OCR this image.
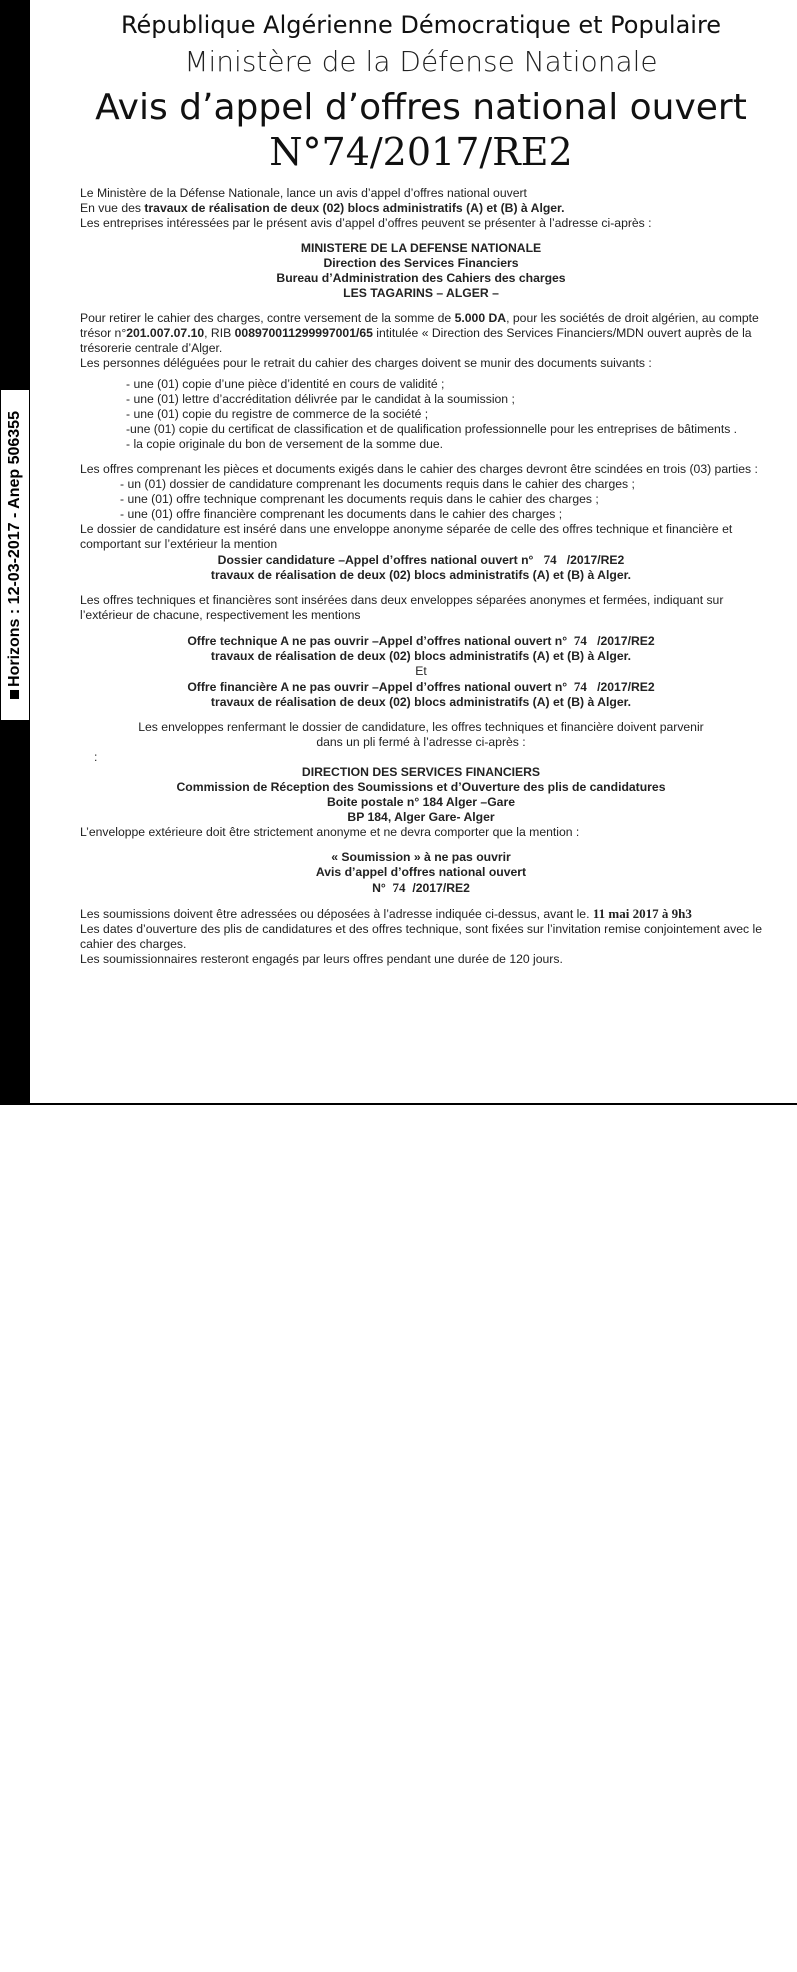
Horizons : 12-03-2017 - Anep 506355
République Algérienne Démocratique et Populaire
Ministère de la Défense Nationale
Avis d’appel d’offres national ouvert
N°74/2017/RE2

Le Ministère de la Défense Nationale, lance un avis d’appel d’offres national ouvert

En vue des travaux de réalisation de deux (02) blocs administratifs (A) et (B) à Alger.

Les entreprises intéressées par le présent avis d’appel d’offres peuvent se présenter à l’adresse ci-après :

MINISTERE DE LA DEFENSE NATIONALE

Direction des Services Financiers

Bureau d’Administration des Cahiers des charges

LES TAGARINS – ALGER –

Pour retirer le cahier des charges, contre versement de la somme de 5.000 DA, pour les sociétés de droit algérien, au compte trésor n°201.007.07.10, RIB 008970011299997001/65 intitulée « Direction des Services Financiers/MDN ouvert auprès de la trésorerie centrale d’Alger.

Les personnes déléguées pour le retrait du cahier des charges doivent se munir des documents suivants :

- une (01) copie d’une pièce d’identité en cours de validité ;

- une (01) lettre d’accréditation délivrée par le candidat à la soumission ;

- une (01) copie du registre de commerce de la société ;

-une (01) copie du certificat de classification et de qualification professionnelle pour les entreprises de bâtiments .

- la copie originale du bon de versement de la somme due.

Les offres comprenant les pièces et documents exigés dans le cahier des charges devront être scindées en trois (03) parties :

- un (01) dossier de candidature comprenant les documents requis dans le cahier des charges ;

- une (01) offre technique comprenant les documents requis dans le cahier des charges ;

- une (01) offre financière comprenant les documents dans le cahier des charges ;

Le dossier de candidature est inséré dans une enveloppe anonyme séparée de celle des offres technique et financière et comportant sur l’extérieur la mention

Dossier candidature –Appel d’offres national ouvert n° 74 /2017/RE2

travaux de réalisation de deux (02) blocs administratifs (A) et (B) à Alger.

Les offres techniques et financières sont insérées dans deux enveloppes séparées anonymes et fermées, indiquant sur l’extérieur de chacune, respectivement les mentions

Offre technique A ne pas ouvrir –Appel d’offres national ouvert n° 74 /2017/RE2

travaux de réalisation de deux (02) blocs administratifs (A) et (B) à Alger.

Et

Offre financière A ne pas ouvrir –Appel d’offres national ouvert n° 74 /2017/RE2

travaux de réalisation de deux (02) blocs administratifs (A) et (B) à Alger.

Les enveloppes renfermant le dossier de candidature, les offres techniques et financière doivent parvenir

dans un pli fermé à l’adresse ci-après :

:

DIRECTION DES SERVICES FINANCIERS

Commission de Réception des Soumissions et d’Ouverture des plis de candidatures

Boite postale n° 184 Alger –Gare

BP 184, Alger Gare- Alger

L’enveloppe extérieure doit être strictement anonyme et ne devra comporter que la mention :

« Soumission » à ne pas ouvrir

Avis d’appel d’offres national ouvert

N° 74 /2017/RE2

Les soumissions doivent être adressées ou déposées à l’adresse indiquée ci-dessus, avant le. 11 mai 2017 à 9h3

Les dates d’ouverture des plis de candidatures et des offres technique, sont fixées sur l’invitation remise conjointement avec le cahier des charges.

Les soumissionnaires resteront engagés par leurs offres pendant une durée de 120 jours.
